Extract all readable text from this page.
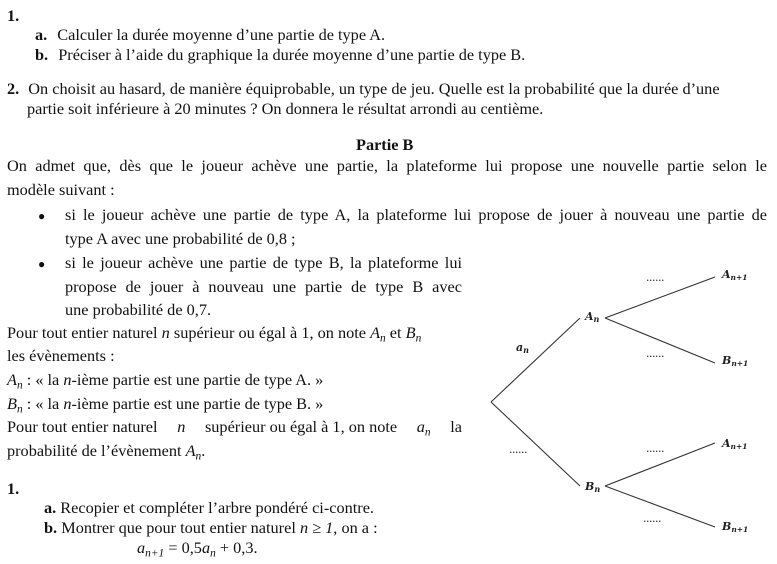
1.
a. Calculer la durée moyenne d’une partie de type A.
b. Préciser à l’aide du graphique la durée moyenne d’une partie de type B.
2. On choisit au hasard, de manière équiprobable, un type de jeu. Quelle est la probabilité que la durée d’une
partie soit inférieure à 20 minutes ? On donnera le résultat arrondi au centième.
Partie B
On admet que, dès que le joueur achève une partie, la plateforme lui propose une nouvelle partie selon le
modèle suivant :
● si le joueur achève une partie de type A, la plateforme lui propose de jouer à nouveau une partie de
type A avec une probabilité de 0,8 ;
● si le joueur achève une partie de type B, la plateforme lui
propose de jouer à nouveau une partie de type B avec
une probabilité de 0,7.
Pour tout entier naturel n supérieur ou égal à 1, on note $A_n$ et $B_n$
les évènements :
$A_n$ : « la n-ième partie est une partie de type A. »
$B_n$ : « la n-ième partie est une partie de type B. »
Pour tout entier naturel n supérieur ou égal à 1, on note $a_n$ la
probabilité de l’évènement $A_n$.
1.
a. Recopier et compléter l’arbre pondéré ci-contre.
b. Montrer que pour tout entier naturel n ≥ 1, on a :
$a_{n+1} = 0,5a_n + 0,3$.
an
......
An
Bn
......
......
......
......
An+1
Bn+1
An+1
Bn+1
